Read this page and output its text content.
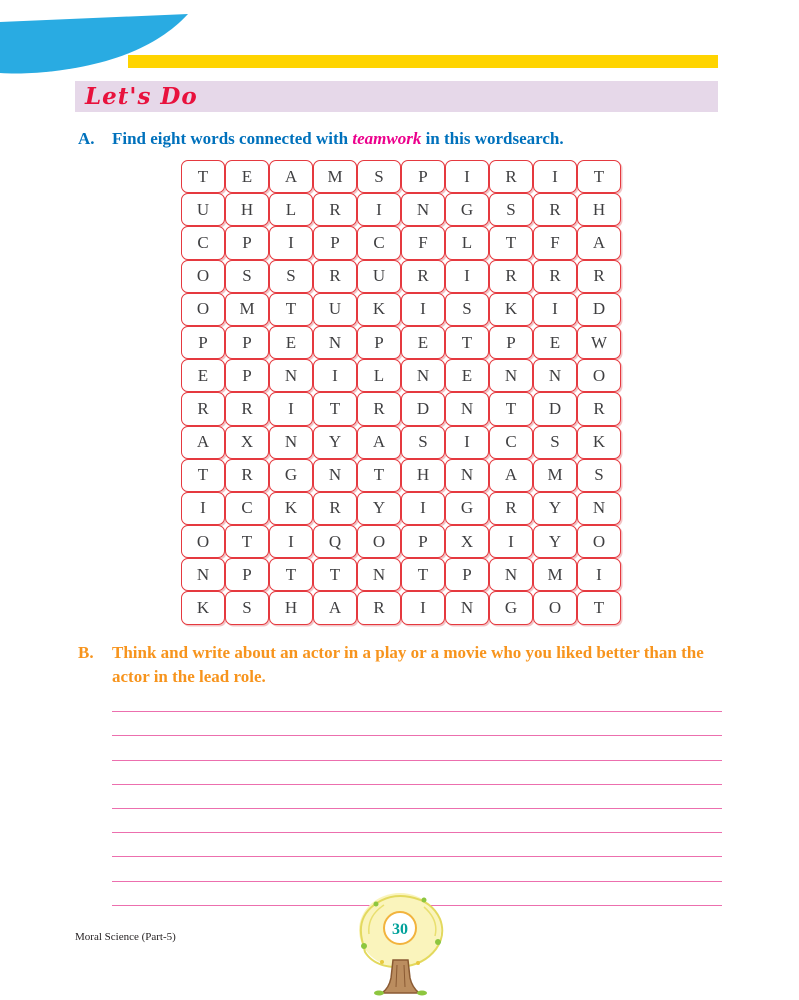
Let's Do
A.	Find eight words connected with teamwork in this wordsearch.
T	E	A	M	S	P	I	R	I	T
U	H	L	R	I	N	G	S	R	H
C	P	I	P	C	F	L	T	F	A
O	S	S	R	U	R	I	R	R	R
O	M	T	U	K	I	S	K	I	D
P	P	E	N	P	E	T	P	E	W
E	P	N	I	L	N	E	N	N	O
R	R	I	T	R	D	N	T	D	R
A	X	N	Y	A	S	I	C	S	K
T	R	G	N	T	H	N	A	M	S
I	C	K	R	Y	I	G	R	Y	N
O	T	I	Q	O	P	X	I	Y	O
N	P	T	T	N	T	P	N	M	I
K	S	H	A	R	I	N	G	O	T
B.	Think and write about an actor in a play or a movie who you liked better than the actor in the lead role.
Moral Science (Part-5)	30
